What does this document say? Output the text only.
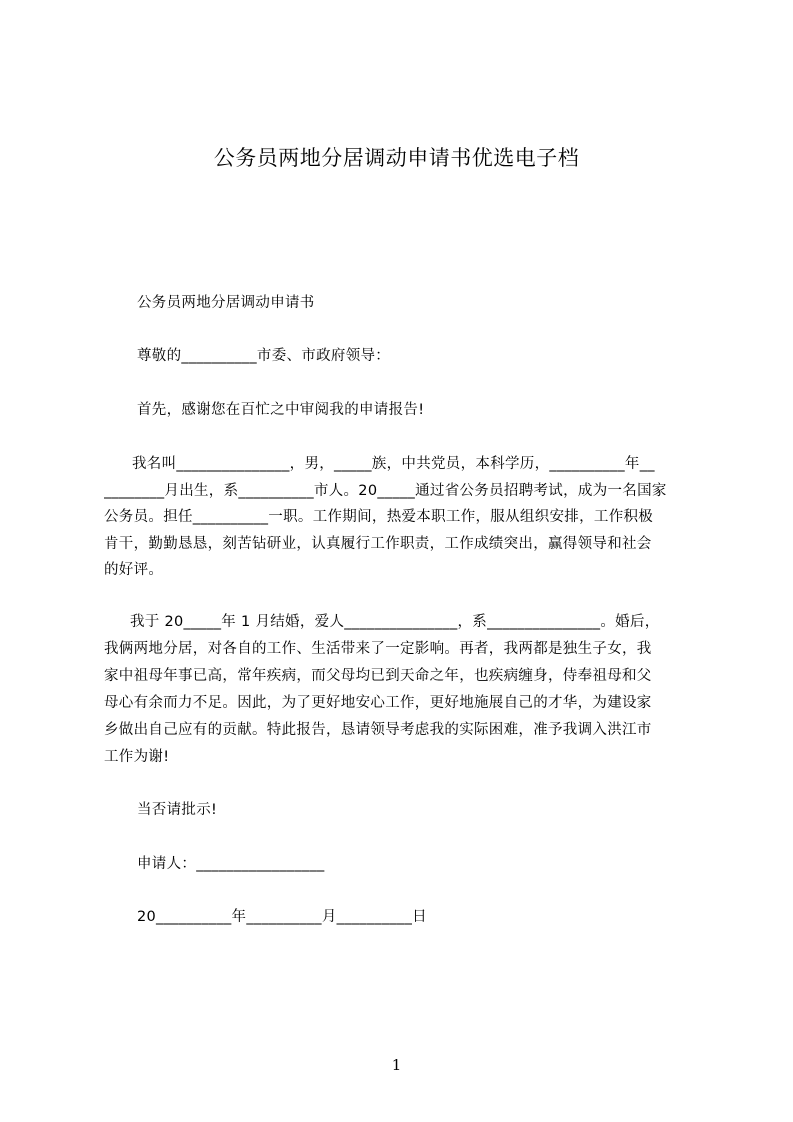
公务员两地分居调动申请书优选电子档
公务员两地分居调动申请书
尊敬的__________市委、市政府领导：
首先，感谢您在百忙之中审阅我的申请报告!
我名叫_______________，男，_____族，中共党员，本科学历，__________年__
________月出生，系__________市人。20_____通过省公务员招聘考试，成为一名国家
公务员。担任__________一职。工作期间，热爱本职工作，服从组织安排，工作积极
肯干，勤勤恳恳，刻苦钻研业，认真履行工作职责，工作成绩突出，赢得领导和社会
的好评。
我于 20_____年 1 月结婚，爱人_______________，系_______________。婚后，
我俩两地分居，对各自的工作、生活带来了一定影响。再者，我两都是独生子女，我
家中祖母年事已高，常年疾病，而父母均已到天命之年，也疾病缠身，侍奉祖母和父
母心有余而力不足。因此，为了更好地安心工作，更好地施展自己的才华，为建设家
乡做出自己应有的贡献。特此报告，恳请领导考虑我的实际困难，准予我调入洪江市
工作为谢!
当否请批示!
申请人：_________________
20__________年__________月__________日
1
